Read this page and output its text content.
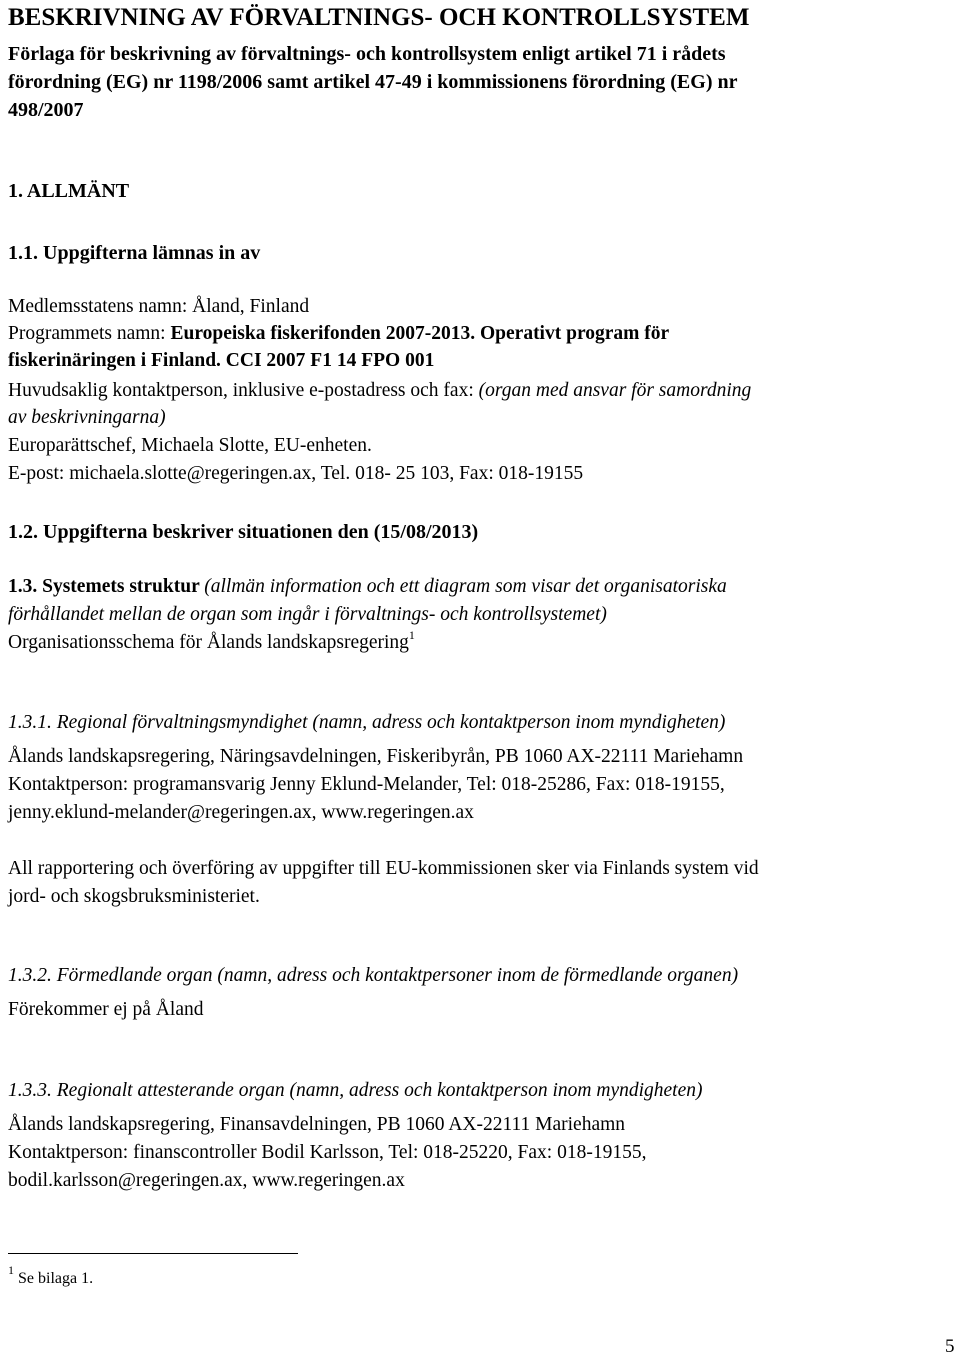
BESKRIVNING AV FÖRVALTNINGS- OCH KONTROLLSYSTEM

Förlaga för beskrivning av förvaltnings- och kontrollsystem enligt artikel 71 i rådets

förordning (EG) nr 1198/2006 samt artikel 47-49 i kommissionens förordning (EG) nr

498/2007

1. ALLMÄNT

1.1. Uppgifterna lämnas in av

Medlemsstatens namn: Åland, Finland

Programmets namn: Europeiska fiskerifonden 2007-2013. Operativt program för

fiskerinäringen i Finland. CCI 2007 F1 14 FPO 001

Huvudsaklig kontaktperson, inklusive e-postadress och fax: (organ med ansvar för samordning

av beskrivningarna)

Europarättschef, Michaela Slotte, EU-enheten.

E-post: michaela.slotte@regeringen.ax, Tel. 018- 25 103, Fax: 018-19155

1.2. Uppgifterna beskriver situationen den (15/08/2013)

1.3. Systemets struktur (allmän information och ett diagram som visar det organisatoriska

förhållandet mellan de organ som ingår i förvaltnings- och kontrollsystemet)

Organisationsschema för Ålands landskapsregering$^1$

1.3.1. Regional förvaltningsmyndighet (namn, adress och kontaktperson inom myndigheten)

Ålands landskapsregering, Näringsavdelningen, Fiskeribyrån, PB 1060 AX-22111 Mariehamn

Kontaktperson: programansvarig Jenny Eklund-Melander, Tel: 018-25286, Fax: 018-19155,

jenny.eklund-melander@regeringen.ax, www.regeringen.ax

All rapportering och överföring av uppgifter till EU-kommissionen sker via Finlands system vid

jord- och skogsbruksministeriet.

1.3.2. Förmedlande organ (namn, adress och kontaktpersoner inom de förmedlande organen)

Förekommer ej på Åland

1.3.3. Regionalt attesterande organ (namn, adress och kontaktperson inom myndigheten)

Ålands landskapsregering, Finansavdelningen, PB 1060 AX-22111 Mariehamn

Kontaktperson: finanscontroller Bodil Karlsson, Tel: 018-25220, Fax: 018-19155,

bodil.karlsson@regeringen.ax, www.regeringen.ax

$^1$ Se bilaga 1.

5
